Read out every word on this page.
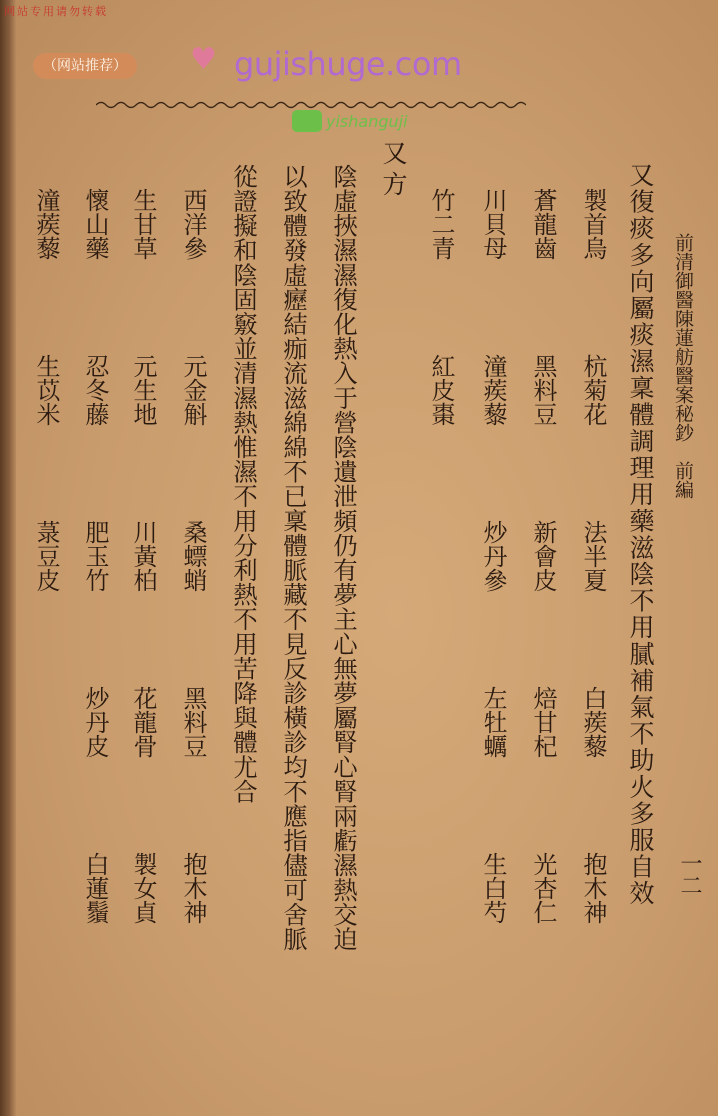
网站专用请勿转载
（网站推荐）	♥ gujishuge.com
yishanguji
前清御醫陳蓮舫醫案秘鈔　前編
一二
又復痰多向屬痰濕稟體調理用藥滋陰不用膩補氣不助火多服自效
製首烏
杭菊花
法半夏
白蒺藜
抱木神
蒼龍齒
黑料豆
新會皮
焙甘杞
光杏仁
川貝母
潼蒺藜
炒丹參
左牡蠣
生白芍
竹二青
紅皮棗
又方
陰虛挾濕濕復化熱入于營陰遺泄頻仍有夢主心無夢屬腎心腎兩虧濕熱交迫
以致體發虛癧結痂流滋綿綿不已稟體脈藏不見反診橫診均不應指儘可舍脈
從證擬和陰固竅並清濕熱惟濕不用分利熱不用苦降與體尤合
西洋參
元金斛
桑螵蛸
黑料豆
抱木神
生甘草
元生地
川黃柏
花龍骨
製女貞
懷山藥
忍冬藤
肥玉竹
炒丹皮
白蓮鬚
潼蒺藜
生苡米
菉豆皮
